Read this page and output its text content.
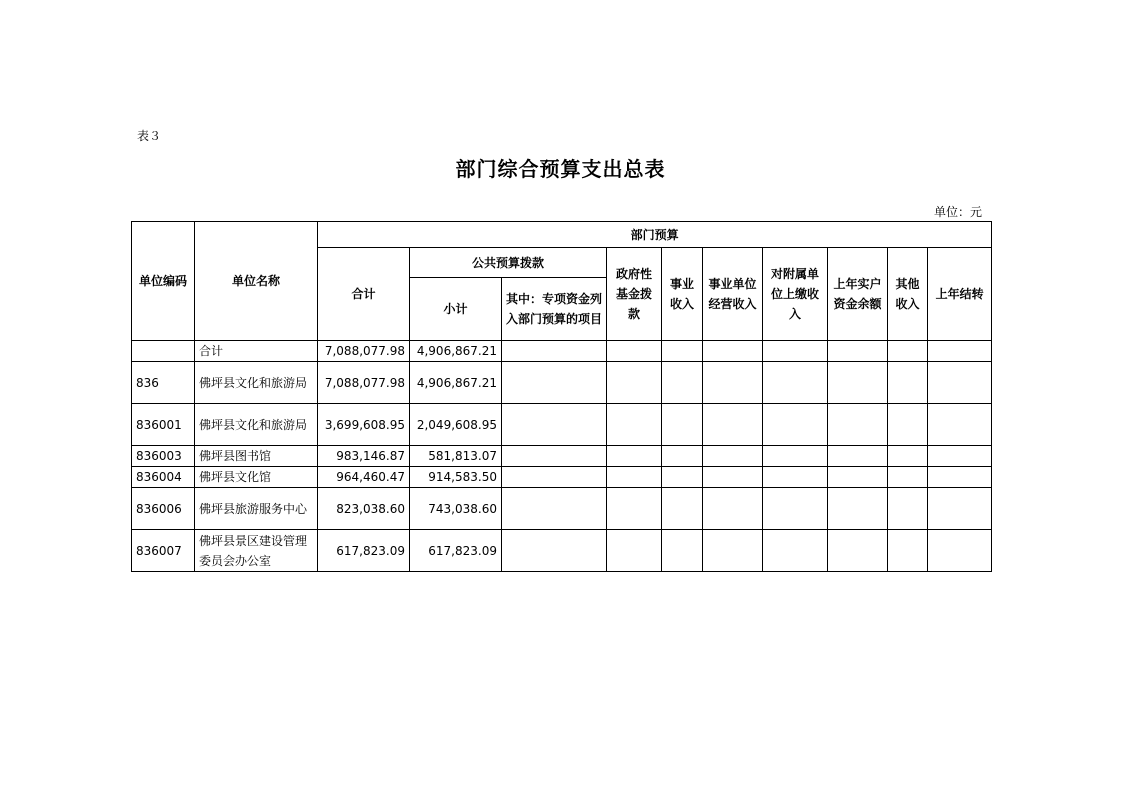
表３
部门综合预算支出总表
单位：元
单位编码	单位名称	部门预算									
		合计	公共预算拨款		政府性基金拨款	事业收入	事业单位经营收入	对附属单位上缴收入	上年实户资金余额	其他收入	上年结转
			小计	其中：专项资金列入部门预算的项目							
	合计	7,088,077.98	4,906,867.21								
836	佛坪县文化和旅游局	7,088,077.98	4,906,867.21								
836001	佛坪县文化和旅游局	3,699,608.95	2,049,608.95								
836003	佛坪县图书馆	983,146.87	581,813.07								
836004	佛坪县文化馆	964,460.47	914,583.50								
836006	佛坪县旅游服务中心	823,038.60	743,038.60								
836007	佛坪县景区建设管理委员会办公室	617,823.09	617,823.09								
